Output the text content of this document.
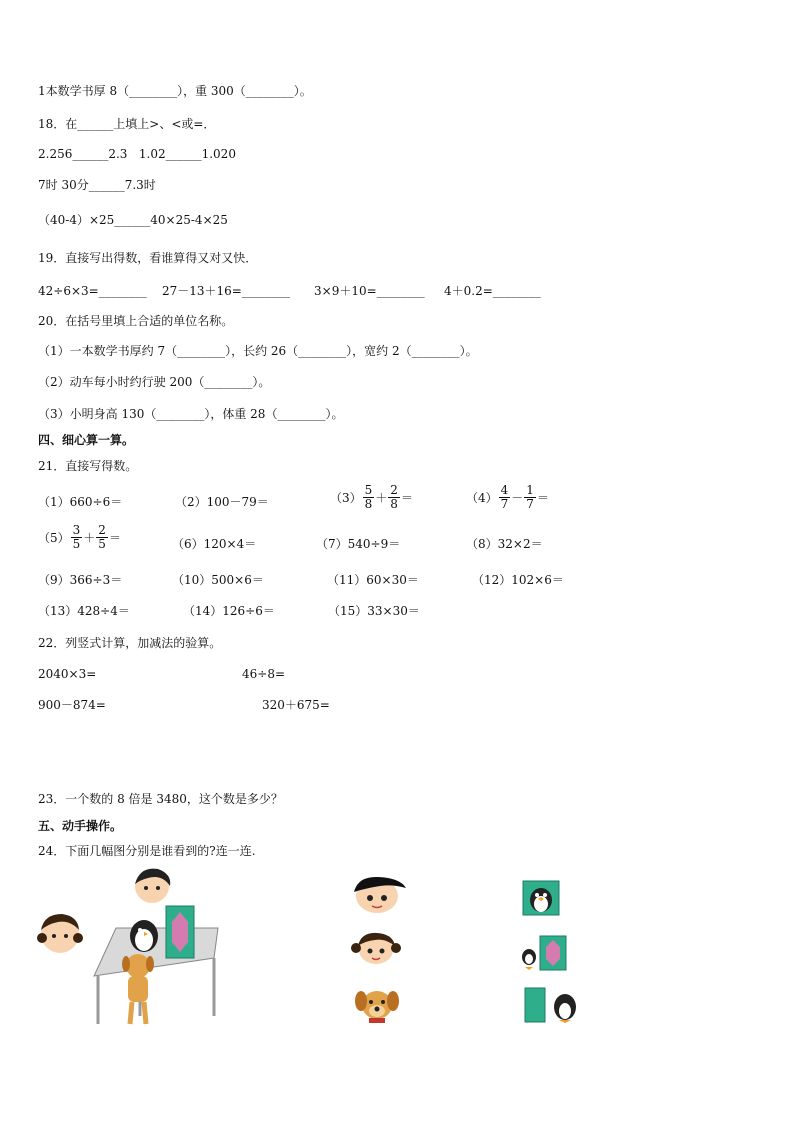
1本数学书厚 8（________），重 300（________）。
18．在______上填上>、<或=．
2.256______2.3   1.02______1.020
7时 30分______7.3时
（40-4）×25______40×25-4×25
19．直接写出得数，看谁算得又对又快．
42÷6×3=________ 27－13＋16=________ 3×9＋10=________ 4＋0.2=________
20．在括号里填上合适的单位名称。
（1）一本数学书厚约 7（________），长约 26（________），宽约 2（________）。
（2）动车每小时约行驶 200（________）。
（3）小明身高 130（________），体重 28（________）。
四、细心算一算。
21．直接写得数。
（1）660÷6＝	（2）100－79＝	$(3) \frac{5}{8} + \frac{2}{8}$ ＝	$(4) \frac{4}{7} - \frac{1}{7}$ ＝
$(5) \frac{3}{5} + \frac{2}{5}$ ＝	（6）120×4＝	（7）540÷9＝	（8）32×2＝
（9）366÷3＝	（10）500×6＝	（11）60×30＝	（12）102×6＝
（13）428÷4＝	（14）126÷6＝	（15）33×30＝
22．列竖式计算，加减法的验算。
2040×3=	46÷8=
900－874=	320＋675=
23．一个数的 8 倍是 3480，这个数是多少？
五、动手操作。
24．下面几幅图分别是谁看到的?连一连.
